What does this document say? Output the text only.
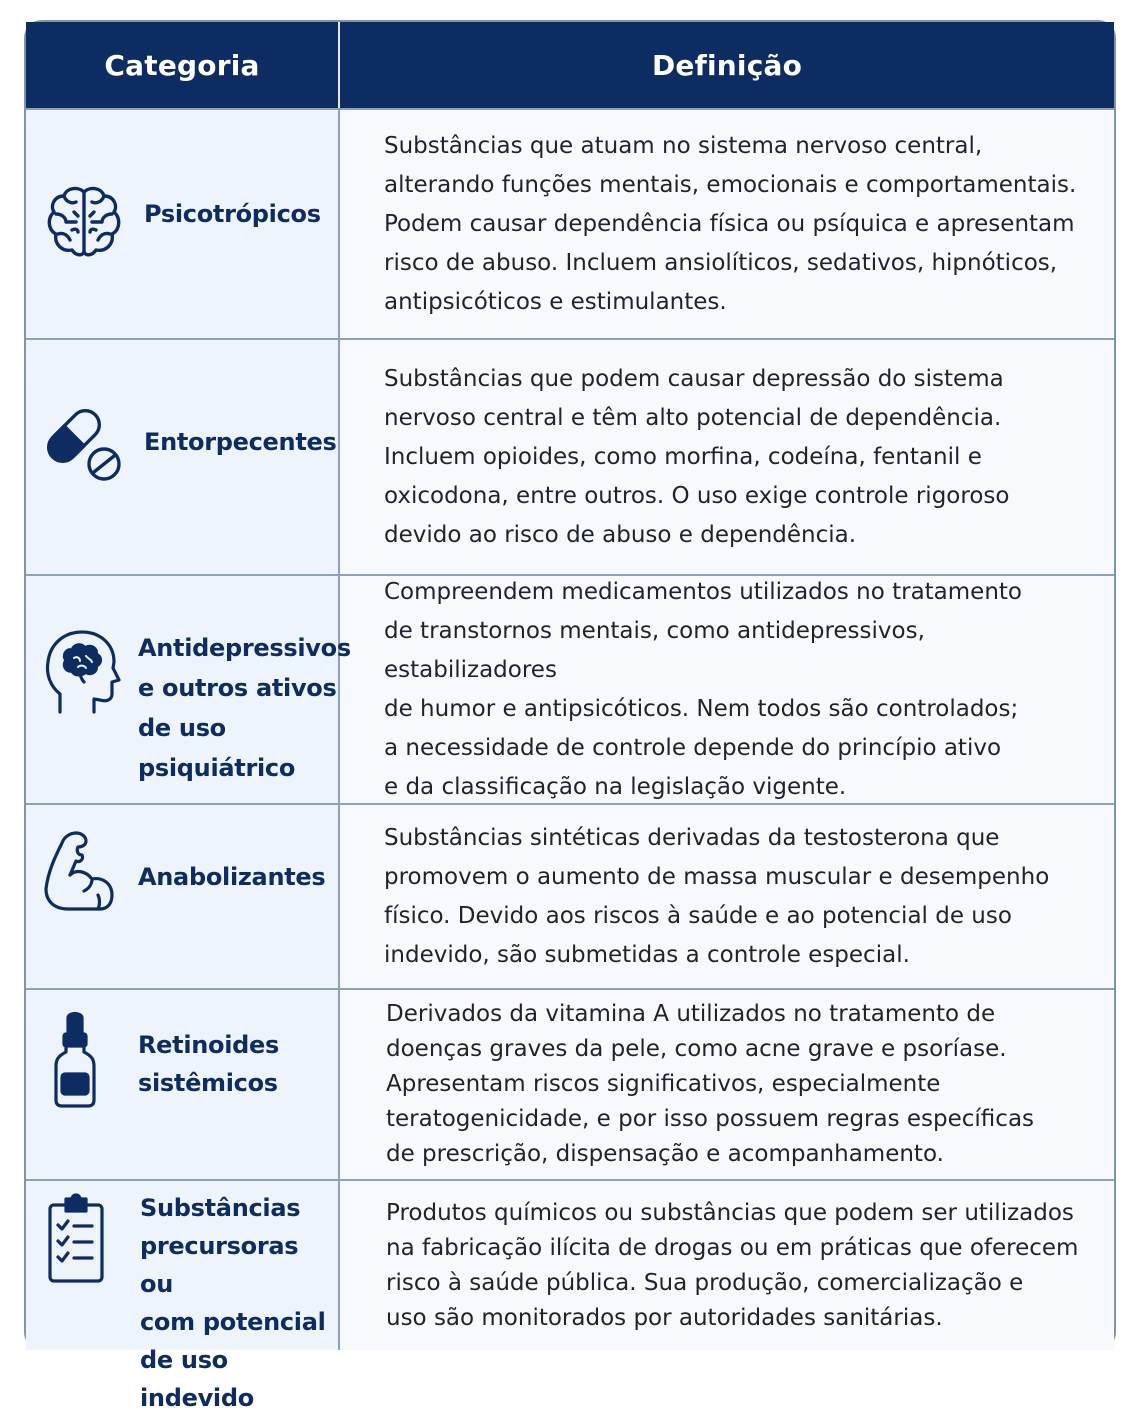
Categoria	Definição
Psicotrópicos

Substâncias que atuam no sistema nervoso central,
alterando funções mentais, emocionais e comportamentais.
Podem causar dependência física ou psíquica e apresentam
risco de abuso. Incluem ansiolíticos, sedativos, hipnóticos,
antipsicóticos e estimulantes.

Entorpecentes

Substâncias que podem causar depressão do sistema
nervoso central e têm alto potencial de dependência.
Incluem opioides, como morfina, codeína, fentanil e
oxicodona, entre outros. O uso exige controle rigoroso
devido ao risco de abuso e dependência.

Antidepressivos
e outros ativos
de uso psiquiátrico

Compreendem medicamentos utilizados no tratamento
de transtornos mentais, como antidepressivos, estabilizadores
de humor e antipsicóticos. Nem todos são controlados;
a necessidade de controle depende do princípio ativo
e da classificação na legislação vigente.

Anabolizantes

Substâncias sintéticas derivadas da testosterona que
promovem o aumento de massa muscular e desempenho
físico. Devido aos riscos à saúde e ao potencial de uso
indevido, são submetidas a controle especial.

Retinoides
sistêmicos

Derivados da vitamina A utilizados no tratamento de
doenças graves da pele, como acne grave e psoríase.
Apresentam riscos significativos, especialmente
teratogenicidade, e por isso possuem regras específicas
de prescrição, dispensação e acompanhamento.

Substâncias
precursoras ou
com potencial
de uso indevido

Produtos químicos ou substâncias que podem ser utilizados
na fabricação ilícita de drogas ou em práticas que oferecem
risco à saúde pública. Sua produção, comercialização e
uso são monitorados por autoridades sanitárias.
